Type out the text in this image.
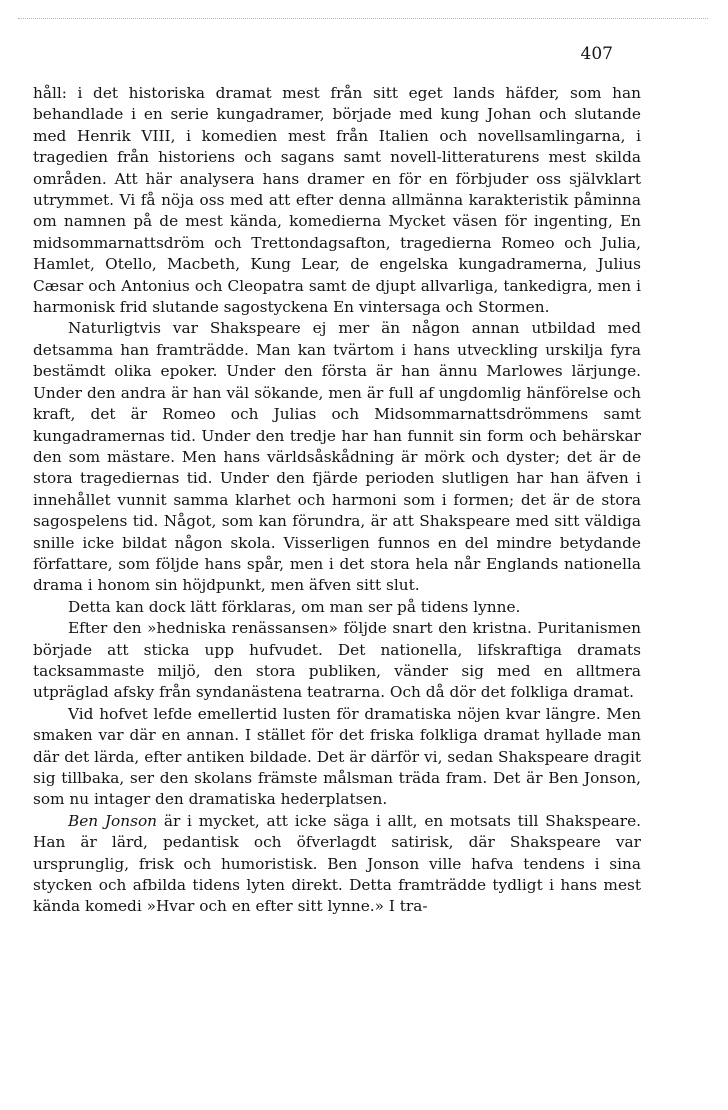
407

håll: i det historiska dramat mest från sitt eget lands häfder, som han behandlade i en serie kungadramer, började med kung Johan och slutande med Henrik VIII, i komedien mest från Italien och novellsamlingarna, i tragedien från historiens och sagans samt novell-litteraturens mest skilda områden. Att här analysera hans dramer en för en förbjuder oss självklart utrymmet. Vi få nöja oss med att efter denna allmänna karakteristik påminna om namnen på de mest kända, komedierna Mycket väsen för ingenting, En midsommarnattsdröm och Trettondagsafton, tragedierna Romeo och Julia, Hamlet, Otello, Macbeth, Kung Lear, de engelska kungadramerna, Julius Cæsar och Antonius och Cleopatra samt de djupt allvarliga, tankedigra, men i harmonisk frid slutande sagostyckena En vintersaga och Stormen.

Naturligtvis var Shakspeare ej mer än någon annan utbildad med detsamma han framträdde. Man kan tvärtom i hans utveckling urskilja fyra bestämdt olika epoker. Under den första är han ännu Marlowes lärjunge. Under den andra är han väl sökande, men är full af ungdomlig hänförelse och kraft, det är Romeo och Julias och Midsommarnattsdrömmens samt kungadramernas tid. Under den tredje har han funnit sin form och behärskar den som mästare. Men hans världsåskådning är mörk och dyster; det är de stora tragediernas tid. Under den fjärde perioden slutligen har han äfven i innehållet vunnit samma klarhet och harmoni som i formen; det är de stora sagospelens tid. Något, som kan förundra, är att Shakspeare med sitt väldiga snille icke bildat någon skola. Visserligen funnos en del mindre betydande författare, som följde hans spår, men i det stora hela når Englands nationella drama i honom sin höjdpunkt, men äfven sitt slut.

Detta kan dock lätt förklaras, om man ser på tidens lynne.

Efter den »hedniska renässansen» följde snart den kristna. Puritanismen började att sticka upp hufvudet. Det nationella, lifskraftiga dramats tacksammaste miljö, den stora publiken, vänder sig med en alltmera utpräglad afsky från syndanästena teatrarna. Och då dör det folkliga dramat.

Vid hofvet lefde emellertid lusten för dramatiska nöjen kvar längre. Men smaken var där en annan. I stället för det friska folkliga dramat hyllade man där det lärda, efter antiken bildade. Det är därför vi, sedan Shakspeare dragit sig tillbaka, ser den skolans främste målsman träda fram. Det är Ben Jonson, som nu intager den dramatiska hederplatsen.

Ben Jonson är i mycket, att icke säga i allt, en motsats till Shakspeare. Han är lärd, pedantisk och öfverlagdt satirisk, där Shakspeare var ursprunglig, frisk och humoristisk. Ben Jonson ville hafva tendens i sina stycken och afbilda tidens lyten direkt. Detta framträdde tydligt i hans mest kända komedi »Hvar och en efter sitt lynne.» I tra-
